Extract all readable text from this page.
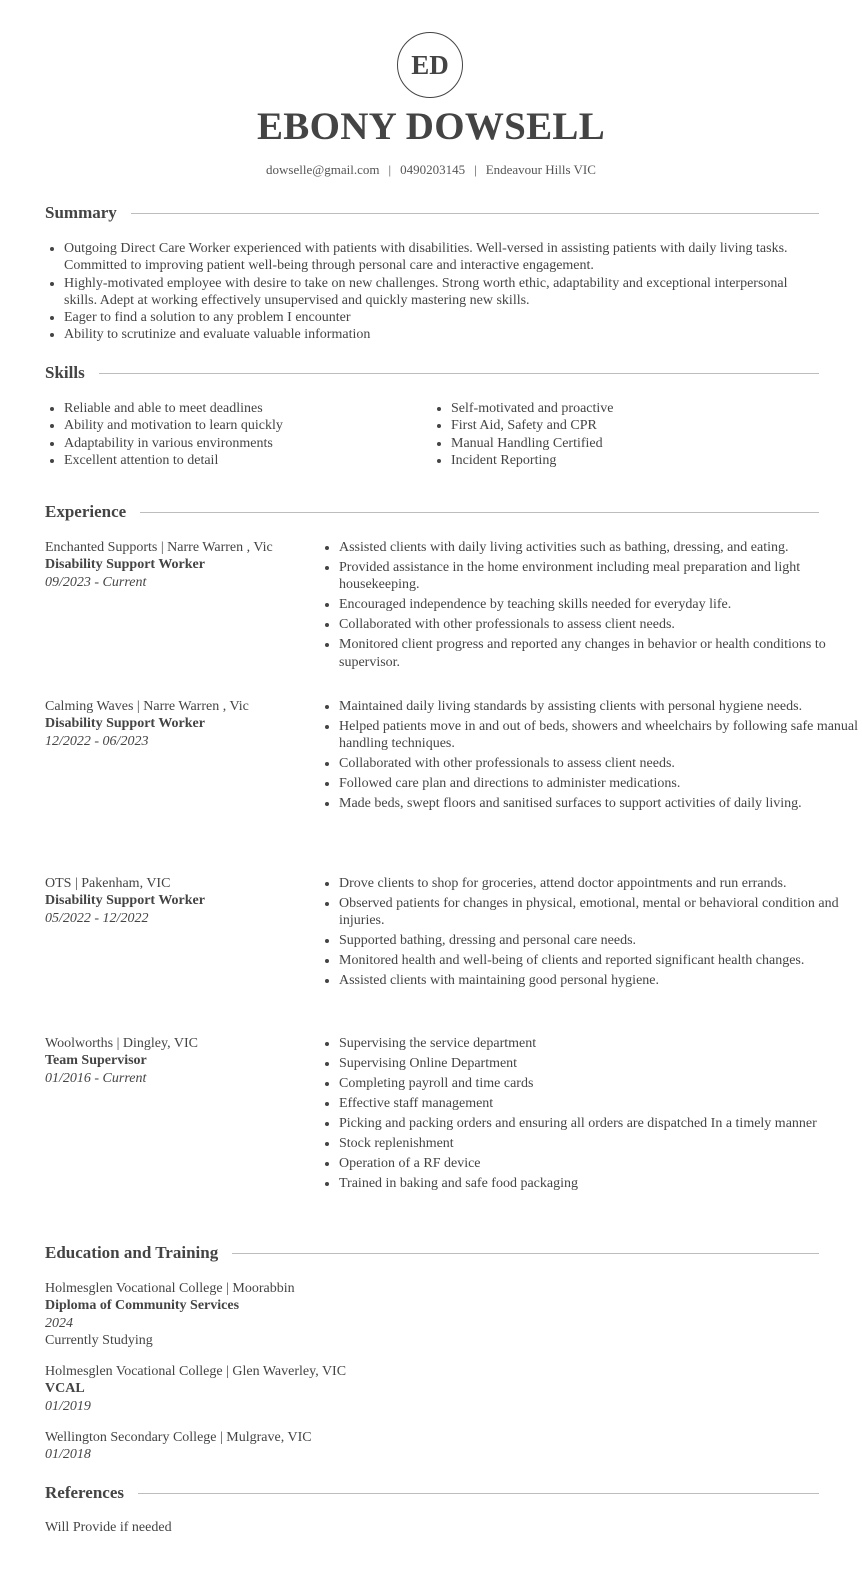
ED
EBONY DOWSELL
dowselle@gmail.com | 0490203145 | Endeavour Hills VIC
Summary
• Outgoing Direct Care Worker experienced with patients with disabilities. Well-versed in assisting patients with daily living tasks. Committed to improving patient well-being through personal care and interactive engagement.
• Highly-motivated employee with desire to take on new challenges. Strong worth ethic, adaptability and exceptional interpersonal skills. Adept at working effectively unsupervised and quickly mastering new skills.
• Eager to find a solution to any problem I encounter
• Ability to scrutinize and evaluate valuable information
Skills
• Reliable and able to meet deadlines
• Ability and motivation to learn quickly
• Adaptability in various environments
• Excellent attention to detail
• Self-motivated and proactive
• First Aid, Safety and CPR
• Manual Handling Certified
• Incident Reporting
Experience
Enchanted Supports | Narre Warren , Vic
Disability Support Worker
09/2023 - Current
• Assisted clients with daily living activities such as bathing, dressing, and eating.
• Provided assistance in the home environment including meal preparation and light housekeeping.
• Encouraged independence by teaching skills needed for everyday life.
• Collaborated with other professionals to assess client needs.
• Monitored client progress and reported any changes in behavior or health conditions to supervisor.
Calming Waves | Narre Warren , Vic
Disability Support Worker
12/2022 - 06/2023
• Maintained daily living standards by assisting clients with personal hygiene needs.
• Helped patients move in and out of beds, showers and wheelchairs by following safe manual handling techniques.
• Collaborated with other professionals to assess client needs.
• Followed care plan and directions to administer medications.
• Made beds, swept floors and sanitised surfaces to support activities of daily living.
OTS | Pakenham, VIC
Disability Support Worker
05/2022 - 12/2022
• Drove clients to shop for groceries, attend doctor appointments and run errands.
• Observed patients for changes in physical, emotional, mental or behavioral condition and injuries.
• Supported bathing, dressing and personal care needs.
• Monitored health and well-being of clients and reported significant health changes.
• Assisted clients with maintaining good personal hygiene.
Woolworths | Dingley, VIC
Team Supervisor
01/2016 - Current
• Supervising the service department
• Supervising Online Department
• Completing payroll and time cards
• Effective staff management
• Picking and packing orders and ensuring all orders are dispatched In a timely manner
• Stock replenishment
• Operation of a RF device
• Trained in baking and safe food packaging
Education and Training
Holmesglen Vocational College | Moorabbin
Diploma of Community Services
2024
Currently Studying
Holmesglen Vocational College | Glen Waverley, VIC
VCAL
01/2019
Wellington Secondary College | Mulgrave, VIC
01/2018
References
Will Provide if needed
